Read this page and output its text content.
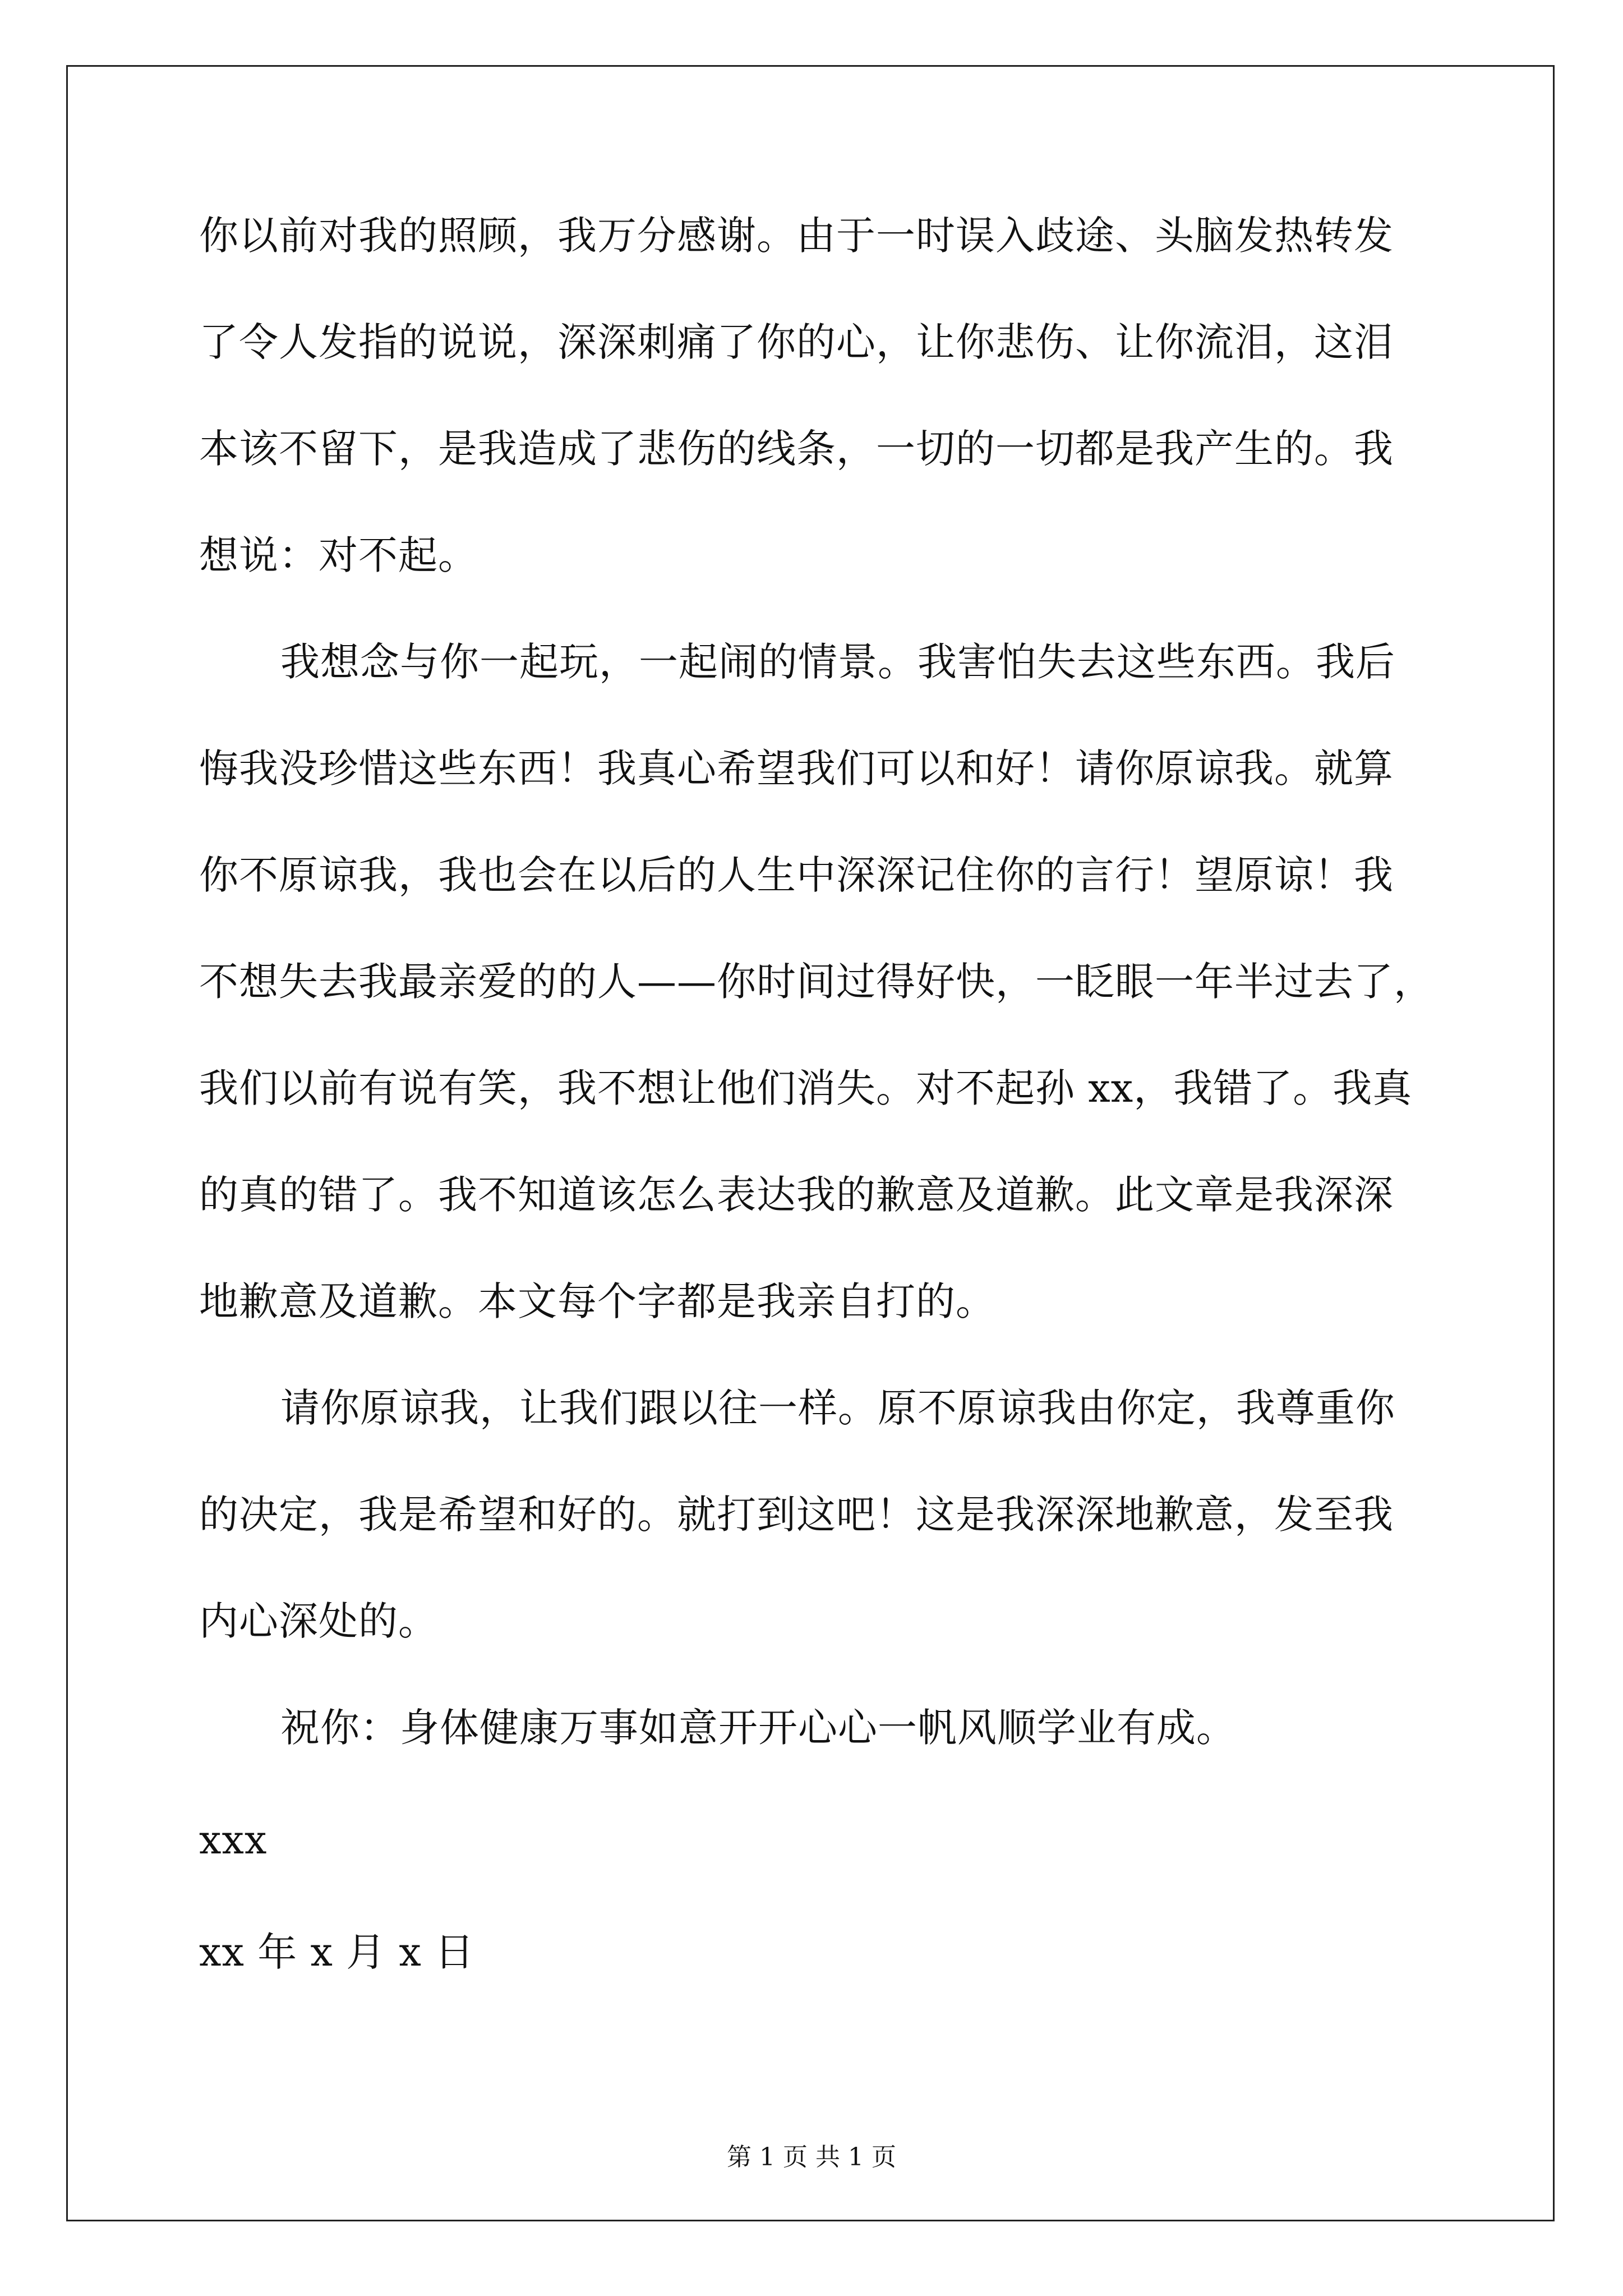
你以前对我的照顾，我万分感谢。由于一时误入歧途、头脑发热转发
了令人发指的说说，深深刺痛了你的心，让你悲伤、让你流泪，这泪
本该不留下，是我造成了悲伤的线条，一切的一切都是我产生的。我
想说：对不起。
我想念与你一起玩，一起闹的情景。我害怕失去这些东西。我后
悔我没珍惜这些东西！我真心希望我们可以和好！请你原谅我。就算
你不原谅我，我也会在以后的人生中深深记住你的言行！望原谅！我
不想失去我最亲爱的的人——你时间过得好快，一眨眼一年半过去了，
我们以前有说有笑，我不想让他们消失。对不起孙 xx，我错了。我真
的真的错了。我不知道该怎么表达我的歉意及道歉。此文章是我深深
地歉意及道歉。本文每个字都是我亲自打的。
请你原谅我，让我们跟以往一样。原不原谅我由你定，我尊重你
的决定，我是希望和好的。就打到这吧！这是我深深地歉意，发至我
内心深处的。
祝你：身体健康万事如意开开心心一帆风顺学业有成。
xxx
xx 年 x 月 x 日
第 1 页 共 1 页
